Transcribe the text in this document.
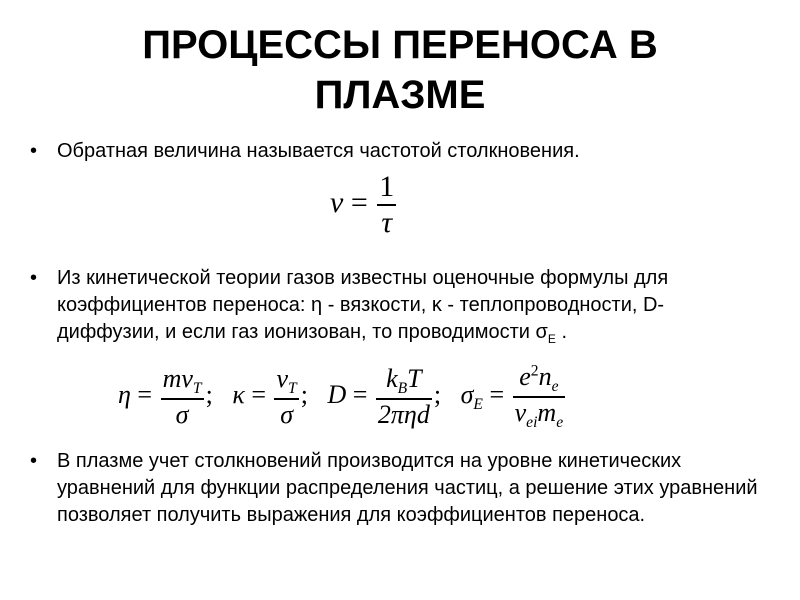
ПРОЦЕССЫ ПЕРЕНОСА В
ПЛАЗМЕ
• Обратная величина называется частотой столкновения.
$\nu = \frac{1}{\tau}$
• Из кинетической теории газов известны оценочные формулы для коэффициентов переноса: η - вязкости, κ - теплопроводности, D- диффузии, и если газ ионизован, то проводимости $\sigma_E$ .
$\eta = \frac{mv_T}{\sigma}$ ; $\kappa = \frac{v_T}{\sigma}$ ; $D = \frac{k_BT}{\text{2πηd}}$ ; $\sigma_E = \frac{e^2n_e}{\nu_{ei}m_e}$
• В плазме учет столкновений производится на уровне кинетических уравнений для функции распределения частиц, а решение этих уравнений позволяет получить выражения для коэффициентов переноса.
